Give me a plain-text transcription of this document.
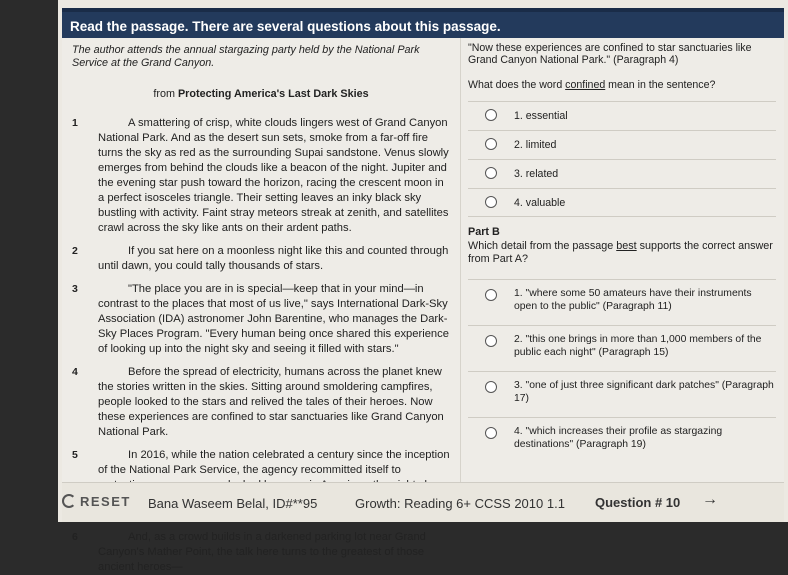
Read the passage. There are several questions about this passage.
The author attends the annual stargazing party held by the National Park Service at the Grand Canyon.
from Protecting America's Last Dark Skies
1	A smattering of crisp, white clouds lingers west of Grand Canyon National Park. And as the desert sun sets, smoke from a far-off fire turns the sky as red as the surrounding Supai sandstone. Venus slowly emerges from behind the clouds like a beacon of the night. Jupiter and the evening star push toward the horizon, racing the crescent moon in a perfect isosceles triangle. Their setting leaves an inky black sky bustling with activity. Faint stray meteors streak at zenith, and satellites crawl across the sky like ants on their ardent paths.
2	If you sat here on a moonless night like this and counted through until dawn, you could tally thousands of stars.
3	"The place you are in is special—keep that in your mind—in contrast to the places that most of us live," says International Dark-Sky Association (IDA) astronomer John Barentine, who manages the Dark-Sky Places Program. "Every human being once shared this experience of looking up into the night sky and seeing it filled with stars."
4	Before the spread of electricity, humans across the planet knew the stories written in the skies. Sitting around smoldering campfires, people looked to the stars and relived the tales of their heroes. Now these experiences are confined to star sanctuaries like Grand Canyon National Park.
5	In 2016, while the nation celebrated a century since the inception of the National Park Service, the agency recommitted itself to
6	And, as a crowd builds in a darkened parking lot near Grand Canyon's Mather Point, the talk here turns to the greatest of those ancient heroes—
"Now these experiences are confined to star sanctuaries like Grand Canyon National Park." (Paragraph 4)
What does the word confined mean in the sentence?
1. essential
2. limited
3. related
4. valuable
Part B
Which detail from the passage best supports the correct answer from Part A?
1. "where some 50 amateurs have their instruments open to the public" (Paragraph 11)
2. "this one brings in more than 1,000 members of the public each night" (Paragraph 15)
3. "one of just three significant dark patches" (Paragraph 17)
4. "which increases their profile as stargazing destinations" (Paragraph 19)
RESET Bana Waseem Belal, ID#**95	Growth: Reading 6+ CCSS 2010 1.1 Question # 10 →
